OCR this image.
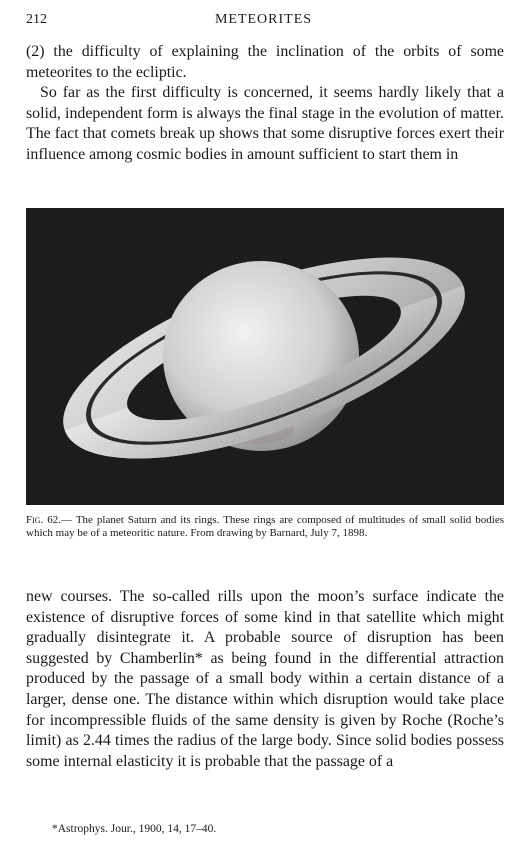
212	METEORITES

(2) the difficulty of explaining the inclination of the orbits of some meteorites to the ecliptic.

So far as the first difficulty is concerned, it seems hardly likely that a solid, independent form is always the final stage in the evolution of matter. The fact that comets break up shows that some disruptive forces exert their influence among cosmic bodies in amount sufficient to start them in

Fig. 62.— The planet Saturn and its rings. These rings are composed of multitudes of small solid bodies which may be of a meteoritic nature. From drawing by Barnard, July 7, 1898.

new courses. The so-called rills upon the moon’s surface indicate the existence of disruptive forces of some kind in that satellite which might gradually disintegrate it. A probable source of disruption has been suggested by Chamberlin* as being found in the differential attraction produced by the passage of a small body within a certain distance of a larger, dense one. The distance within which disruption would take place for incompressible fluids of the same density is given by Roche (Roche’s limit) as 2.44 times the radius of the large body. Since solid bodies possess some internal elasticity it is probable that the passage of a

*Astrophys. Jour., 1900, 14, 17–40.
